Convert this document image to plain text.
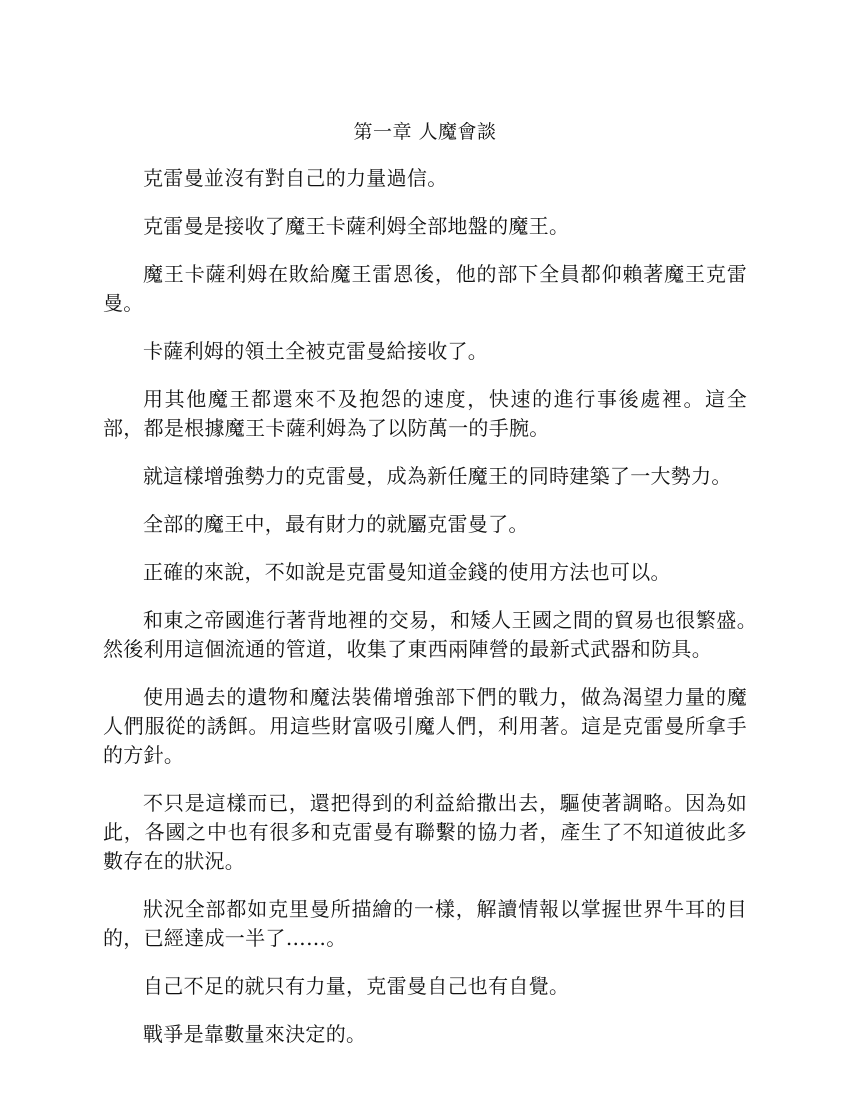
第一章 人魔會談

克雷曼並沒有對自己的力量過信。

克雷曼是接收了魔王卡薩利姆全部地盤的魔王。

魔王卡薩利姆在敗給魔王雷恩後，他的部下全員都仰賴著魔王克雷曼。

卡薩利姆的領土全被克雷曼給接收了。

用其他魔王都還來不及抱怨的速度，快速的進行事後處裡。這全部，都是根據魔王卡薩利姆為了以防萬一的手腕。

就這樣增強勢力的克雷曼，成為新任魔王的同時建築了一大勢力。

全部的魔王中，最有財力的就屬克雷曼了。

正確的來說，不如說是克雷曼知道金錢的使用方法也可以。

和東之帝國進行著背地裡的交易，和矮人王國之間的貿易也很繁盛。　然後利用這個流通的管道，收集了東西兩陣營的最新式武器和防具。

使用過去的遺物和魔法裝備增強部下們的戰力，做為渴望力量的魔人們服從的誘餌。用這些財富吸引魔人們，利用著。這是克雷曼所拿手的方針。

不只是這樣而已，還把得到的利益給撒出去，驅使著調略。因為如此，各國之中也有很多和克雷曼有聯繫的協力者，產生了不知道彼此多數存在的狀況。

狀況全部都如克里曼所描繪的一樣，解讀情報以掌握世界牛耳的目的，已經達成一半了……。

自己不足的就只有力量，克雷曼自己也有自覺。

戰爭是靠數量來決定的。
